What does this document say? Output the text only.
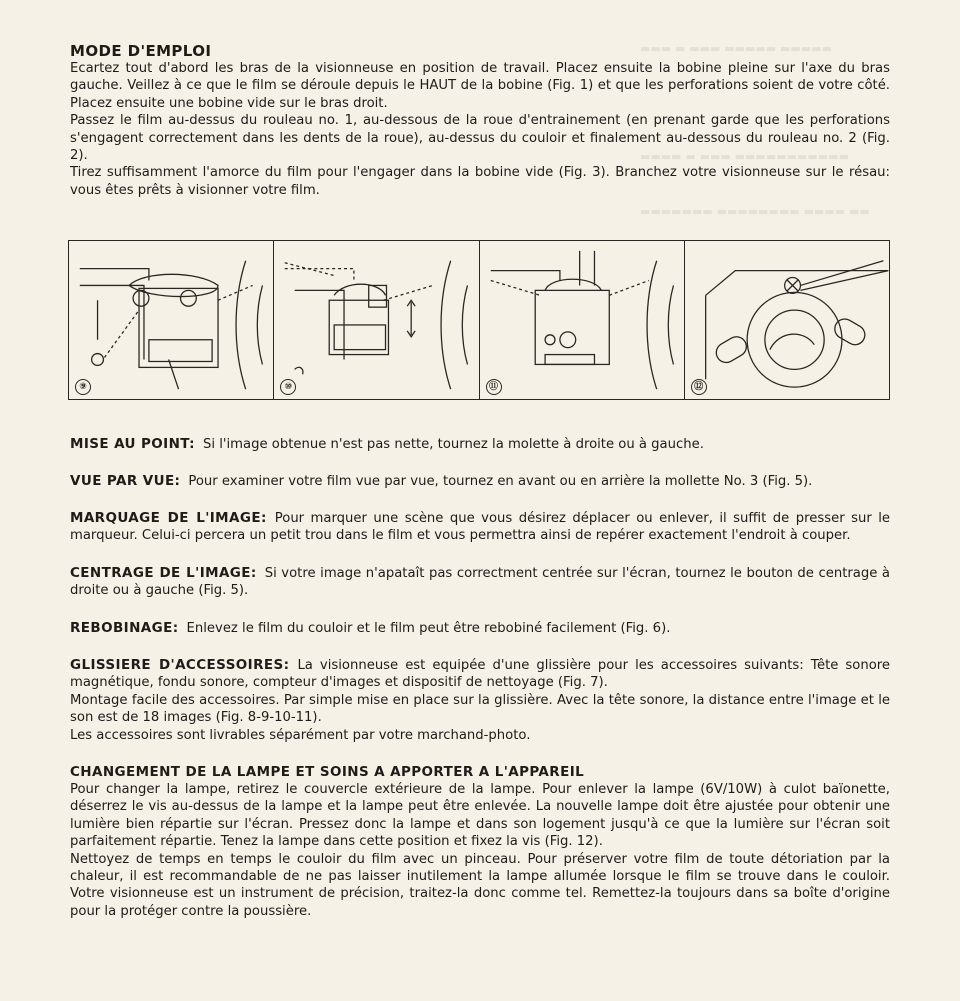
▬▬▬ ▬ ▬▬▬ ▬▬▬▬▬ ▬▬▬▬▬
▬▬▬▬ ▬ ▬▬▬ ▬▬▬▬▬▬▬▬▬▬▬
▬▬▬▬▬▬▬ ▬▬▬▬▬▬▬▬ ▬▬▬▬ ▬▬
MODE D'EMPLOI

Ecartez tout d'abord les bras de la visionneuse en position de travail. Placez ensuite la bobine pleine sur l'axe du bras gauche. Veillez à ce que le film se déroule depuis le HAUT de la bobine (Fig. 1) et que les perforations soient de votre côté. Placez ensuite une bobine vide sur le bras droit.

Passez le film au-dessus du rouleau no. 1, au-dessous de la roue d'entrainement (en prenant garde que les perforations s'engagent correctement dans les dents de la roue), au-dessus du couloir et finalement au-dessous du rouleau no. 2 (Fig. 2).

Tirez suffisamment l'amorce du film pour l'engager dans la bobine vide (Fig. 3). Branchez votre visionneuse sur le résau: vous êtes prêts à visionner votre film.

⑨	⑩	⑪	⑫

MISE AU POINT: Si l'image obtenue n'est pas nette, tournez la molette à droite ou à gauche.

VUE PAR VUE: Pour examiner votre film vue par vue, tournez en avant ou en arrière la mollette No. 3 (Fig. 5).

MARQUAGE DE L'IMAGE: Pour marquer une scène que vous désirez déplacer ou enlever, il suffit de presser sur le marqueur. Celui-ci percera un petit trou dans le film et vous permettra ainsi de repérer exactement l'endroit à couper.

CENTRAGE DE L'IMAGE: Si votre image n'apataît pas correctment centrée sur l'écran, tournez le bouton de centrage à droite ou à gauche (Fig. 5).

REBOBINAGE: Enlevez le film du couloir et le film peut être rebobiné facilement (Fig. 6).

GLISSIERE D'ACCESSOIRES: La visionneuse est equipée d'une glissière pour les accessoires suivants: Tête sonore magnétique, fondu sonore, compteur d'images et dispositif de nettoyage (Fig. 7).

Montage facile des accessoires. Par simple mise en place sur la glissière. Avec la tête sonore, la distance entre l'image et le son est de 18 images (Fig. 8-9-10-11).

Les accessoires sont livrables séparément par votre marchand-photo.

CHANGEMENT DE LA LAMPE ET SOINS A APPORTER A L'APPAREIL

Pour changer la lampe, retirez le couvercle extérieure de la lampe. Pour enlever la lampe (6V/10W) à culot baïonette, déserrez le vis au-dessus de la lampe et la lampe peut être enlevée. La nouvelle lampe doit être ajustée pour obtenir une lumière bien répartie sur l'écran. Pressez donc la lampe et dans son logement jusqu'à ce que la lumière sur l'écran soit parfaitement répartie. Tenez la lampe dans cette position et fixez la vis (Fig. 12).

Nettoyez de temps en temps le couloir du film avec un pinceau. Pour préserver votre film de toute détoriation par la chaleur, il est recommandable de ne pas laisser inutilement la lampe allumée lorsque le film se trouve dans le couloir. Votre visionneuse est un instrument de précision, traitez-la donc comme tel. Remettez-la toujours dans sa boîte d'origine pour la protéger contre la poussière.
